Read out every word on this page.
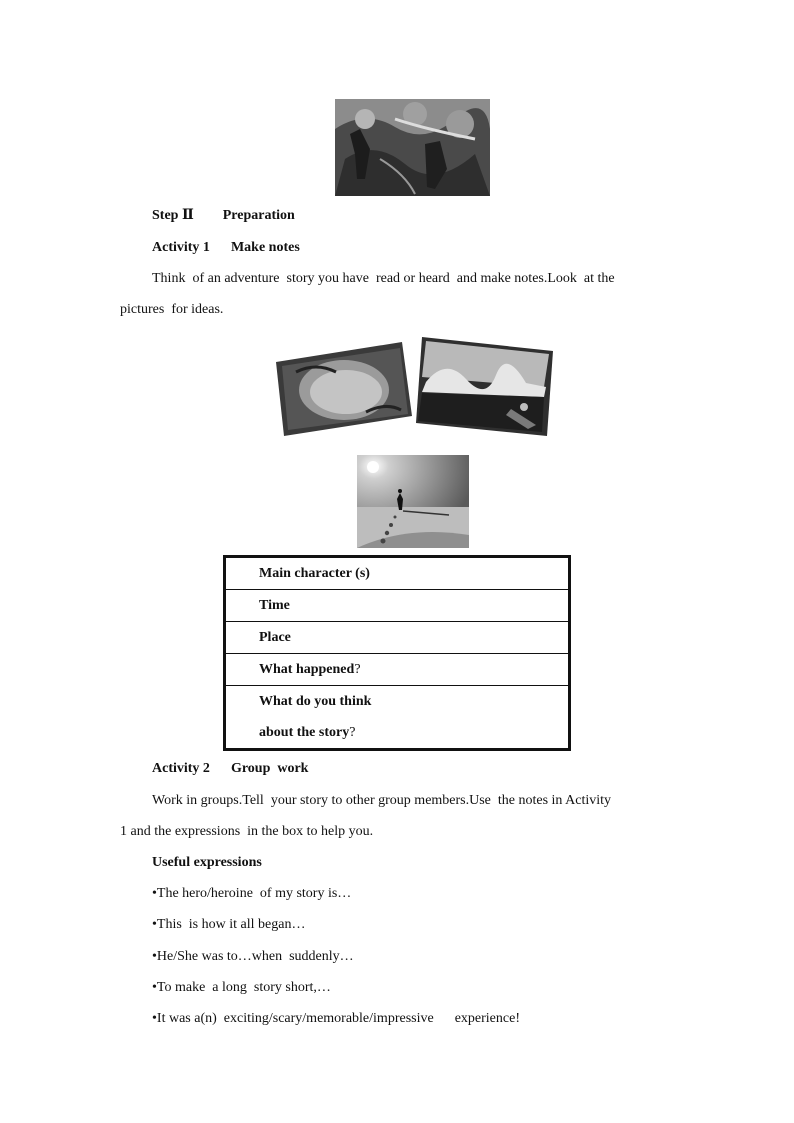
Step Ⅱ Preparation
Activity 1 Make notes
Think  of an adventure  story you have  read or heard  and make notes.Look  at the
pictures  for ideas.
Main character (s)
Time
Place
What happened?

What do you think
about the story?
Activity 2 Group  work
Work in groups.Tell  your story to other group members.Use  the notes in Activity
1 and the expressions  in the box to help you.
Useful expressions
•The hero/heroine  of my story is…
•This  is how it all began…
•He/She was to…when  suddenly…
•To make  a long  story short,…
•It was a(n)  exciting/scary/memorable/impressive      experience!
